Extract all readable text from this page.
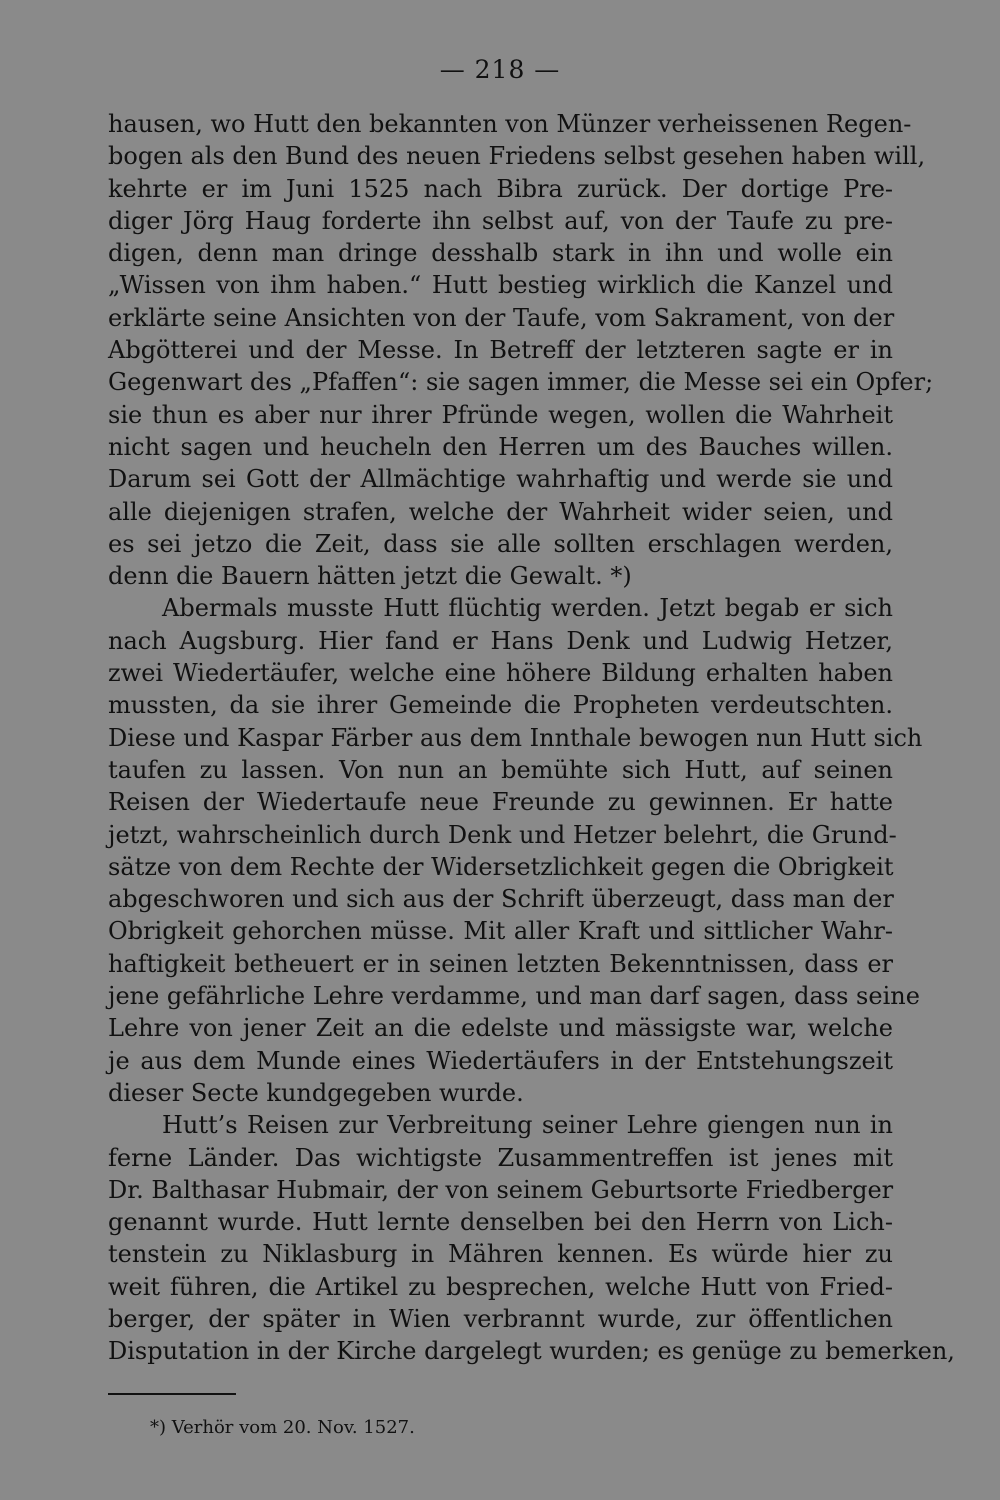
— 218 —
hausen, wo Hutt den bekannten von Münzer verheissenen Regen-
bogen als den Bund des neuen Friedens selbst gesehen haben will,
kehrte er im Juni 1525 nach Bibra zurück. Der dortige Pre-
diger Jörg Haug forderte ihn selbst auf, von der Taufe zu pre-
digen, denn man dringe desshalb stark in ihn und wolle ein
„Wissen von ihm haben.“ Hutt bestieg wirklich die Kanzel und
erklärte seine Ansichten von der Taufe, vom Sakrament, von der
Abgötterei und der Messe. In Betreff der letzteren sagte er in
Gegenwart des „Pfaffen“: sie sagen immer, die Messe sei ein Opfer;
sie thun es aber nur ihrer Pfründe wegen, wollen die Wahrheit
nicht sagen und heucheln den Herren um des Bauches willen.
Darum sei Gott der Allmächtige wahrhaftig und werde sie und
alle diejenigen strafen, welche der Wahrheit wider seien, und
es sei jetzo die Zeit, dass sie alle sollten erschlagen werden,
denn die Bauern hätten jetzt die Gewalt. *)
Abermals musste Hutt flüchtig werden. Jetzt begab er sich
nach Augsburg. Hier fand er Hans Denk und Ludwig Hetzer,
zwei Wiedertäufer, welche eine höhere Bildung erhalten haben
mussten, da sie ihrer Gemeinde die Propheten verdeutschten.
Diese und Kaspar Färber aus dem Innthale bewogen nun Hutt sich
taufen zu lassen. Von nun an bemühte sich Hutt, auf seinen
Reisen der Wiedertaufe neue Freunde zu gewinnen. Er hatte
jetzt, wahrscheinlich durch Denk und Hetzer belehrt, die Grund-
sätze von dem Rechte der Widersetzlichkeit gegen die Obrigkeit
abgeschworen und sich aus der Schrift überzeugt, dass man der
Obrigkeit gehorchen müsse. Mit aller Kraft und sittlicher Wahr-
haftigkeit betheuert er in seinen letzten Bekenntnissen, dass er
jene gefährliche Lehre verdamme, und man darf sagen, dass seine
Lehre von jener Zeit an die edelste und mässigste war, welche
je aus dem Munde eines Wiedertäufers in der Entstehungszeit
dieser Secte kundgegeben wurde.
Hutt’s Reisen zur Verbreitung seiner Lehre giengen nun in
ferne Länder. Das wichtigste Zusammentreffen ist jenes mit
Dr. Balthasar Hubmair, der von seinem Geburtsorte Friedberger
genannt wurde. Hutt lernte denselben bei den Herrn von Lich-
tenstein zu Niklasburg in Mähren kennen. Es würde hier zu
weit führen, die Artikel zu besprechen, welche Hutt von Fried-
berger, der später in Wien verbrannt wurde, zur öffentlichen
Disputation in der Kirche dargelegt wurden; es genüge zu bemerken,
*) Verhör vom 20. Nov. 1527.
